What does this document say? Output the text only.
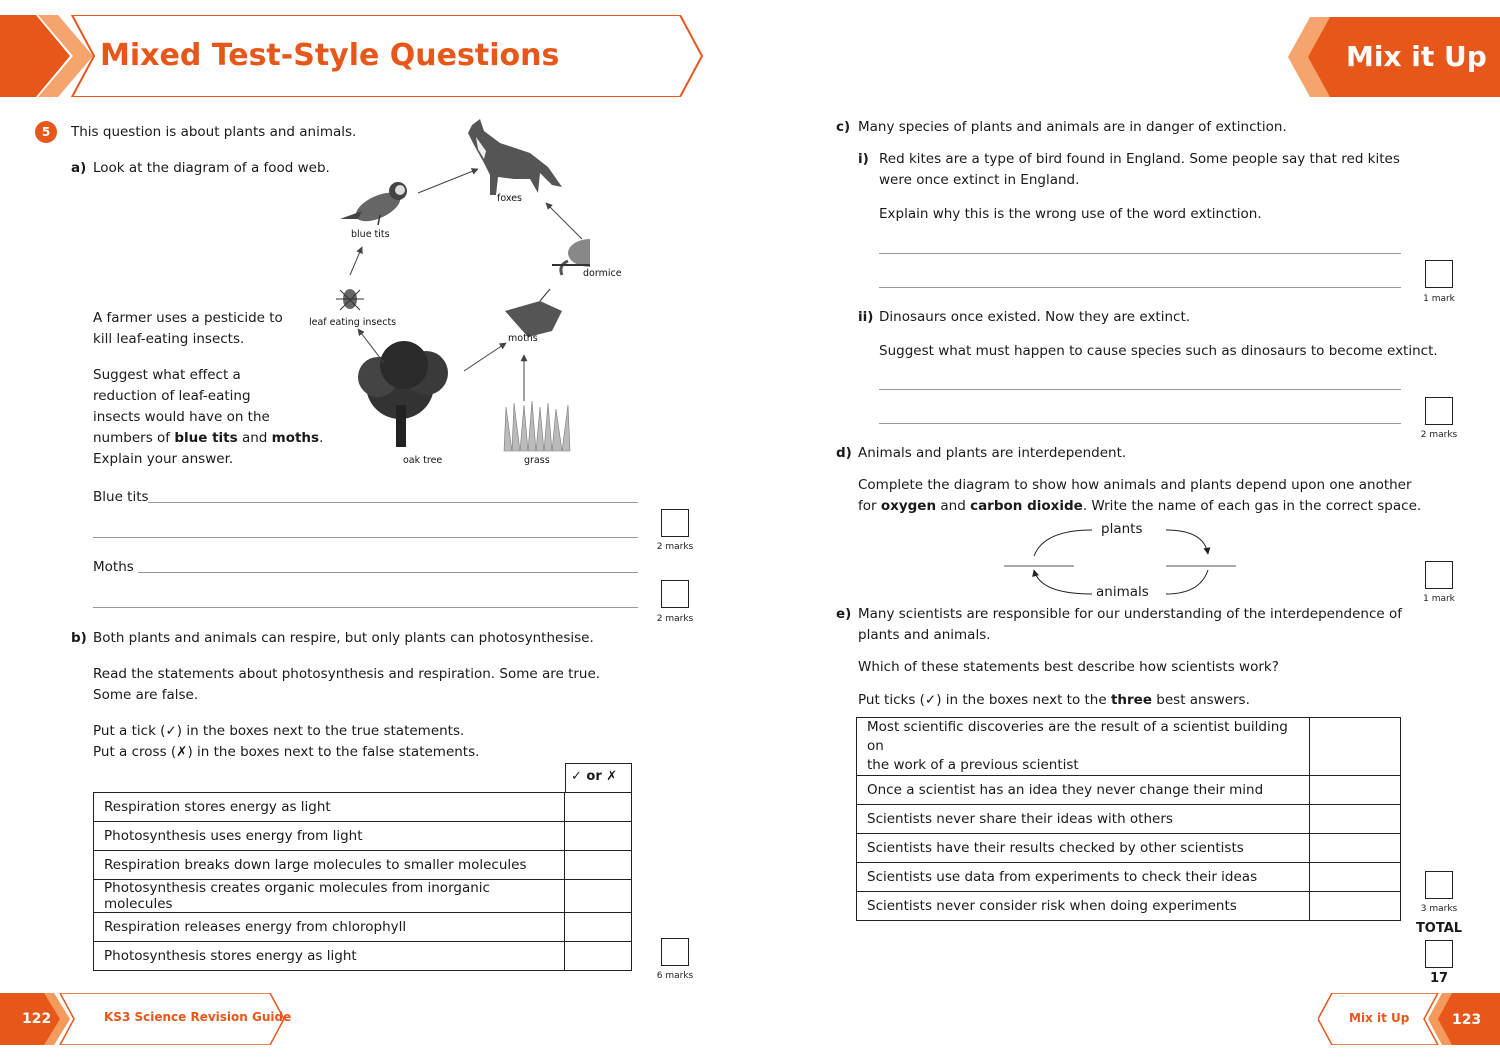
Mixed Test-Style Questions	Mix it Up
5	This question is about plants and animals.
a) Look at the diagram of a food web.
foxes
blue tits
dormice
leaf eating insects
moths
oak tree	grass
A farmer uses a pesticide to
kill leaf-eating insects.
Suggest what effect a
reduction of leaf-eating
insects would have on the
numbers of blue tits and moths.
Explain your answer.
Blue tits
2 marks
Moths
2 marks
b) Both plants and animals can respire, but only plants can photosynthesise.
Read the statements about photosynthesis and respiration. Some are true.
Some are false.
Put a tick (✓) in the boxes next to the true statements.
Put a cross (✗) in the boxes next to the false statements.
✓ or ✗
Respiration stores energy as light	
Photosynthesis uses energy from light	
Respiration breaks down large molecules to smaller molecules	
Photosynthesis creates organic molecules from inorganic molecules	
Respiration releases energy from chlorophyll	
Photosynthesis stores energy as light	
6 marks
c) Many species of plants and animals are in danger of extinction.
i) Red kites are a type of bird found in England. Some people say that red kites
were once extinct in England.
Explain why this is the wrong use of the word extinction.
1 mark
ii) Dinosaurs once existed. Now they are extinct.
Suggest what must happen to cause species such as dinosaurs to become extinct.
2 marks
d) Animals and plants are interdependent.
Complete the diagram to show how animals and plants depend upon one another
for oxygen and carbon dioxide. Write the name of each gas in the correct space.
plants
animals	1 mark
e) Many scientists are responsible for our understanding of the interdependence of
plants and animals.
Which of these statements best describe how scientists work?
Put ticks (✓) in the boxes next to the three best answers.
Most scientific discoveries are the result of a scientist building on
the work of a previous scientist	

Once a scientist has an idea they never change their mind	
Scientists never share their ideas with others	
Scientists have their results checked by other scientists	
Scientists use data from experiments to check their ideas	
Scientists never consider risk when doing experiments		3 marks
TOTAL
17
122	KS3 Science Revision Guide	Mix it Up	123
